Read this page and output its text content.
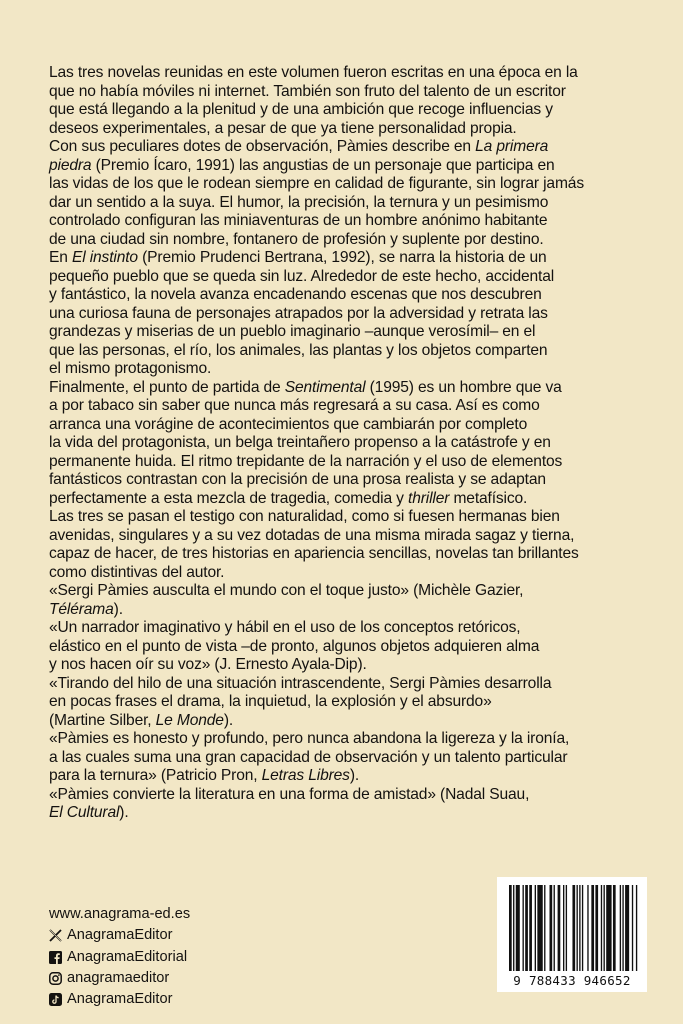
Las tres novelas reunidas en este volumen fueron escritas en una época en la
que no había móviles ni internet. También son fruto del talento de un escritor
que está llegando a la plenitud y de una ambición que recoge influencias y
deseos experimentales, a pesar de que ya tiene personalidad propia.
Con sus peculiares dotes de observación, Pàmies describe en La primera
piedra (Premio Ícaro, 1991) las angustias de un personaje que participa en
las vidas de los que le rodean siempre en calidad de figurante, sin lograr jamás
dar un sentido a la suya. El humor, la precisión, la ternura y un pesimismo
controlado configuran las miniaventuras de un hombre anónimo habitante
de una ciudad sin nombre, fontanero de profesión y suplente por destino.
En El instinto (Premio Prudenci Bertrana, 1992), se narra la historia de un
pequeño pueblo que se queda sin luz. Alrededor de este hecho, accidental
y fantástico, la novela avanza encadenando escenas que nos descubren
una curiosa fauna de personajes atrapados por la adversidad y retrata las
grandezas y miserias de un pueblo imaginario –aunque verosímil– en el
que las personas, el río, los animales, las plantas y los objetos comparten
el mismo protagonismo.
Finalmente, el punto de partida de Sentimental (1995) es un hombre que va
a por tabaco sin saber que nunca más regresará a su casa. Así es como
arranca una vorágine de acontecimientos que cambiarán por completo
la vida del protagonista, un belga treintañero propenso a la catástrofe y en
permanente huida. El ritmo trepidante de la narración y el uso de elementos
fantásticos contrastan con la precisión de una prosa realista y se adaptan
perfectamente a esta mezcla de tragedia, comedia y thriller metafísico.
Las tres se pasan el testigo con naturalidad, como si fuesen hermanas bien
avenidas, singulares y a su vez dotadas de una misma mirada sagaz y tierna,
capaz de hacer, de tres historias en apariencia sencillas, novelas tan brillantes
como distintivas del autor.
«Sergi Pàmies ausculta el mundo con el toque justo» (Michèle Gazier,
Télérama).
«Un narrador imaginativo y hábil en el uso de los conceptos retóricos,
elástico en el punto de vista –de pronto, algunos objetos adquieren alma
y nos hacen oír su voz» (J. Ernesto Ayala-Dip).
«Tirando del hilo de una situación intrascendente, Sergi Pàmies desarrolla
en pocas frases el drama, la inquietud, la explosión y el absurdo»
(Martine Silber, Le Monde).
«Pàmies es honesto y profundo, pero nunca abandona la ligereza y la ironía,
a las cuales suma una gran capacidad de observación y un talento particular
para la ternura» (Patricio Pron, Letras Libres).
«Pàmies convierte la literatura en una forma de amistad» (Nadal Suau,
El Cultural).
www.anagrama-ed.es
AnagramaEditor
AnagramaEditorial
anagramaeditor
AnagramaEditor
9 788433 946652
